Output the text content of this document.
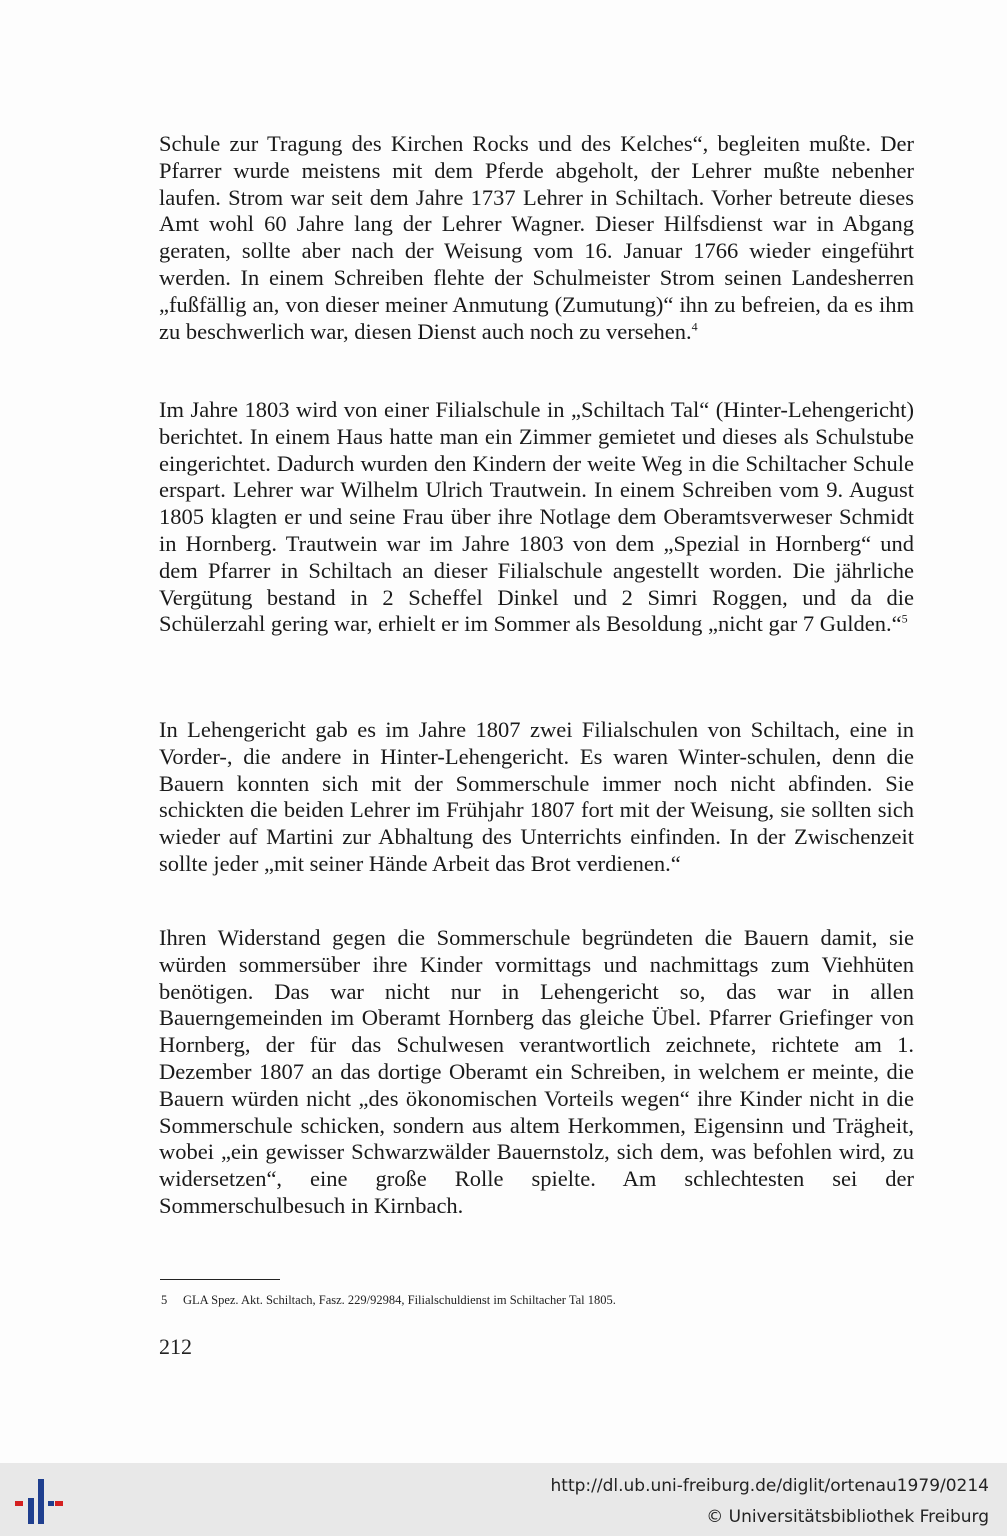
Schule zur Tragung des Kirchen Rocks und des Kelches“, begleiten mußte. Der Pfarrer wurde meistens mit dem Pferde abgeholt, der Lehrer mußte nebenher laufen. Strom war seit dem Jahre 1737 Lehrer in Schiltach. Vorher betreute dieses Amt wohl 60 Jahre lang der Lehrer Wagner. Dieser Hilfsdienst war in Abgang geraten, sollte aber nach der Weisung vom 16. Januar 1766 wieder eingeführt werden. In einem Schreiben flehte der Schulmeister Strom seinen Landesherren „fußfällig an, von dieser meiner Anmutung (Zumutung)“ ihn zu befreien, da es ihm zu beschwerlich war, diesen Dienst auch noch zu versehen.$^4$

Im Jahre 1803 wird von einer Filialschule in „Schiltach Tal“ (Hinter-Lehengericht) berichtet. In einem Haus hatte man ein Zimmer gemietet und dieses als Schulstube eingerichtet. Dadurch wurden den Kindern der weite Weg in die Schiltacher Schule erspart. Lehrer war Wilhelm Ulrich Trautwein. In einem Schreiben vom 9. August 1805 klagten er und seine Frau über ihre Notlage dem Oberamtsverweser Schmidt in Hornberg. Trautwein war im Jahre 1803 von dem „Spezial in Hornberg“ und dem Pfarrer in Schiltach an dieser Filialschule angestellt worden. Die jährliche Vergütung bestand in 2 Scheffel Dinkel und 2 Simri Roggen, und da die Schülerzahl gering war, erhielt er im Sommer als Besoldung „nicht gar 7 Gulden.“$^5$

In Lehengericht gab es im Jahre 1807 zwei Filialschulen von Schiltach, eine in Vorder-, die andere in Hinter-Lehengericht. Es waren Winter-schulen, denn die Bauern konnten sich mit der Sommerschule immer noch nicht abfinden. Sie schickten die beiden Lehrer im Frühjahr 1807 fort mit der Weisung, sie sollten sich wieder auf Martini zur Abhaltung des Unterrichts einfinden. In der Zwischenzeit sollte jeder „mit seiner Hände Arbeit das Brot verdienen.“

Ihren Widerstand gegen die Sommerschule begründeten die Bauern damit, sie würden sommersüber ihre Kinder vormittags und nachmittags zum Viehhüten benötigen. Das war nicht nur in Lehengericht so, das war in allen Bauerngemeinden im Oberamt Hornberg das gleiche Übel. Pfarrer Griefinger von Hornberg, der für das Schulwesen verantwortlich zeichnete, richtete am 1. Dezember 1807 an das dortige Oberamt ein Schreiben, in welchem er meinte, die Bauern würden nicht „des ökonomischen Vorteils wegen“ ihre Kinder nicht in die Sommerschule schicken, sondern aus altem Herkommen, Eigensinn und Trägheit, wobei „ein gewisser Schwarzwälder Bauernstolz, sich dem, was befohlen wird, zu widersetzen“, eine große Rolle spielte. Am schlechtesten sei der Sommerschulbesuch in Kirnbach.

5 GLA Spez. Akt. Schiltach, Fasz. 229/92984, Filialschuldienst im Schiltacher Tal 1805.
212
http://dl.ub.uni-freiburg.de/diglit/ortenau1979/0214
© Universitätsbibliothek Freiburg
